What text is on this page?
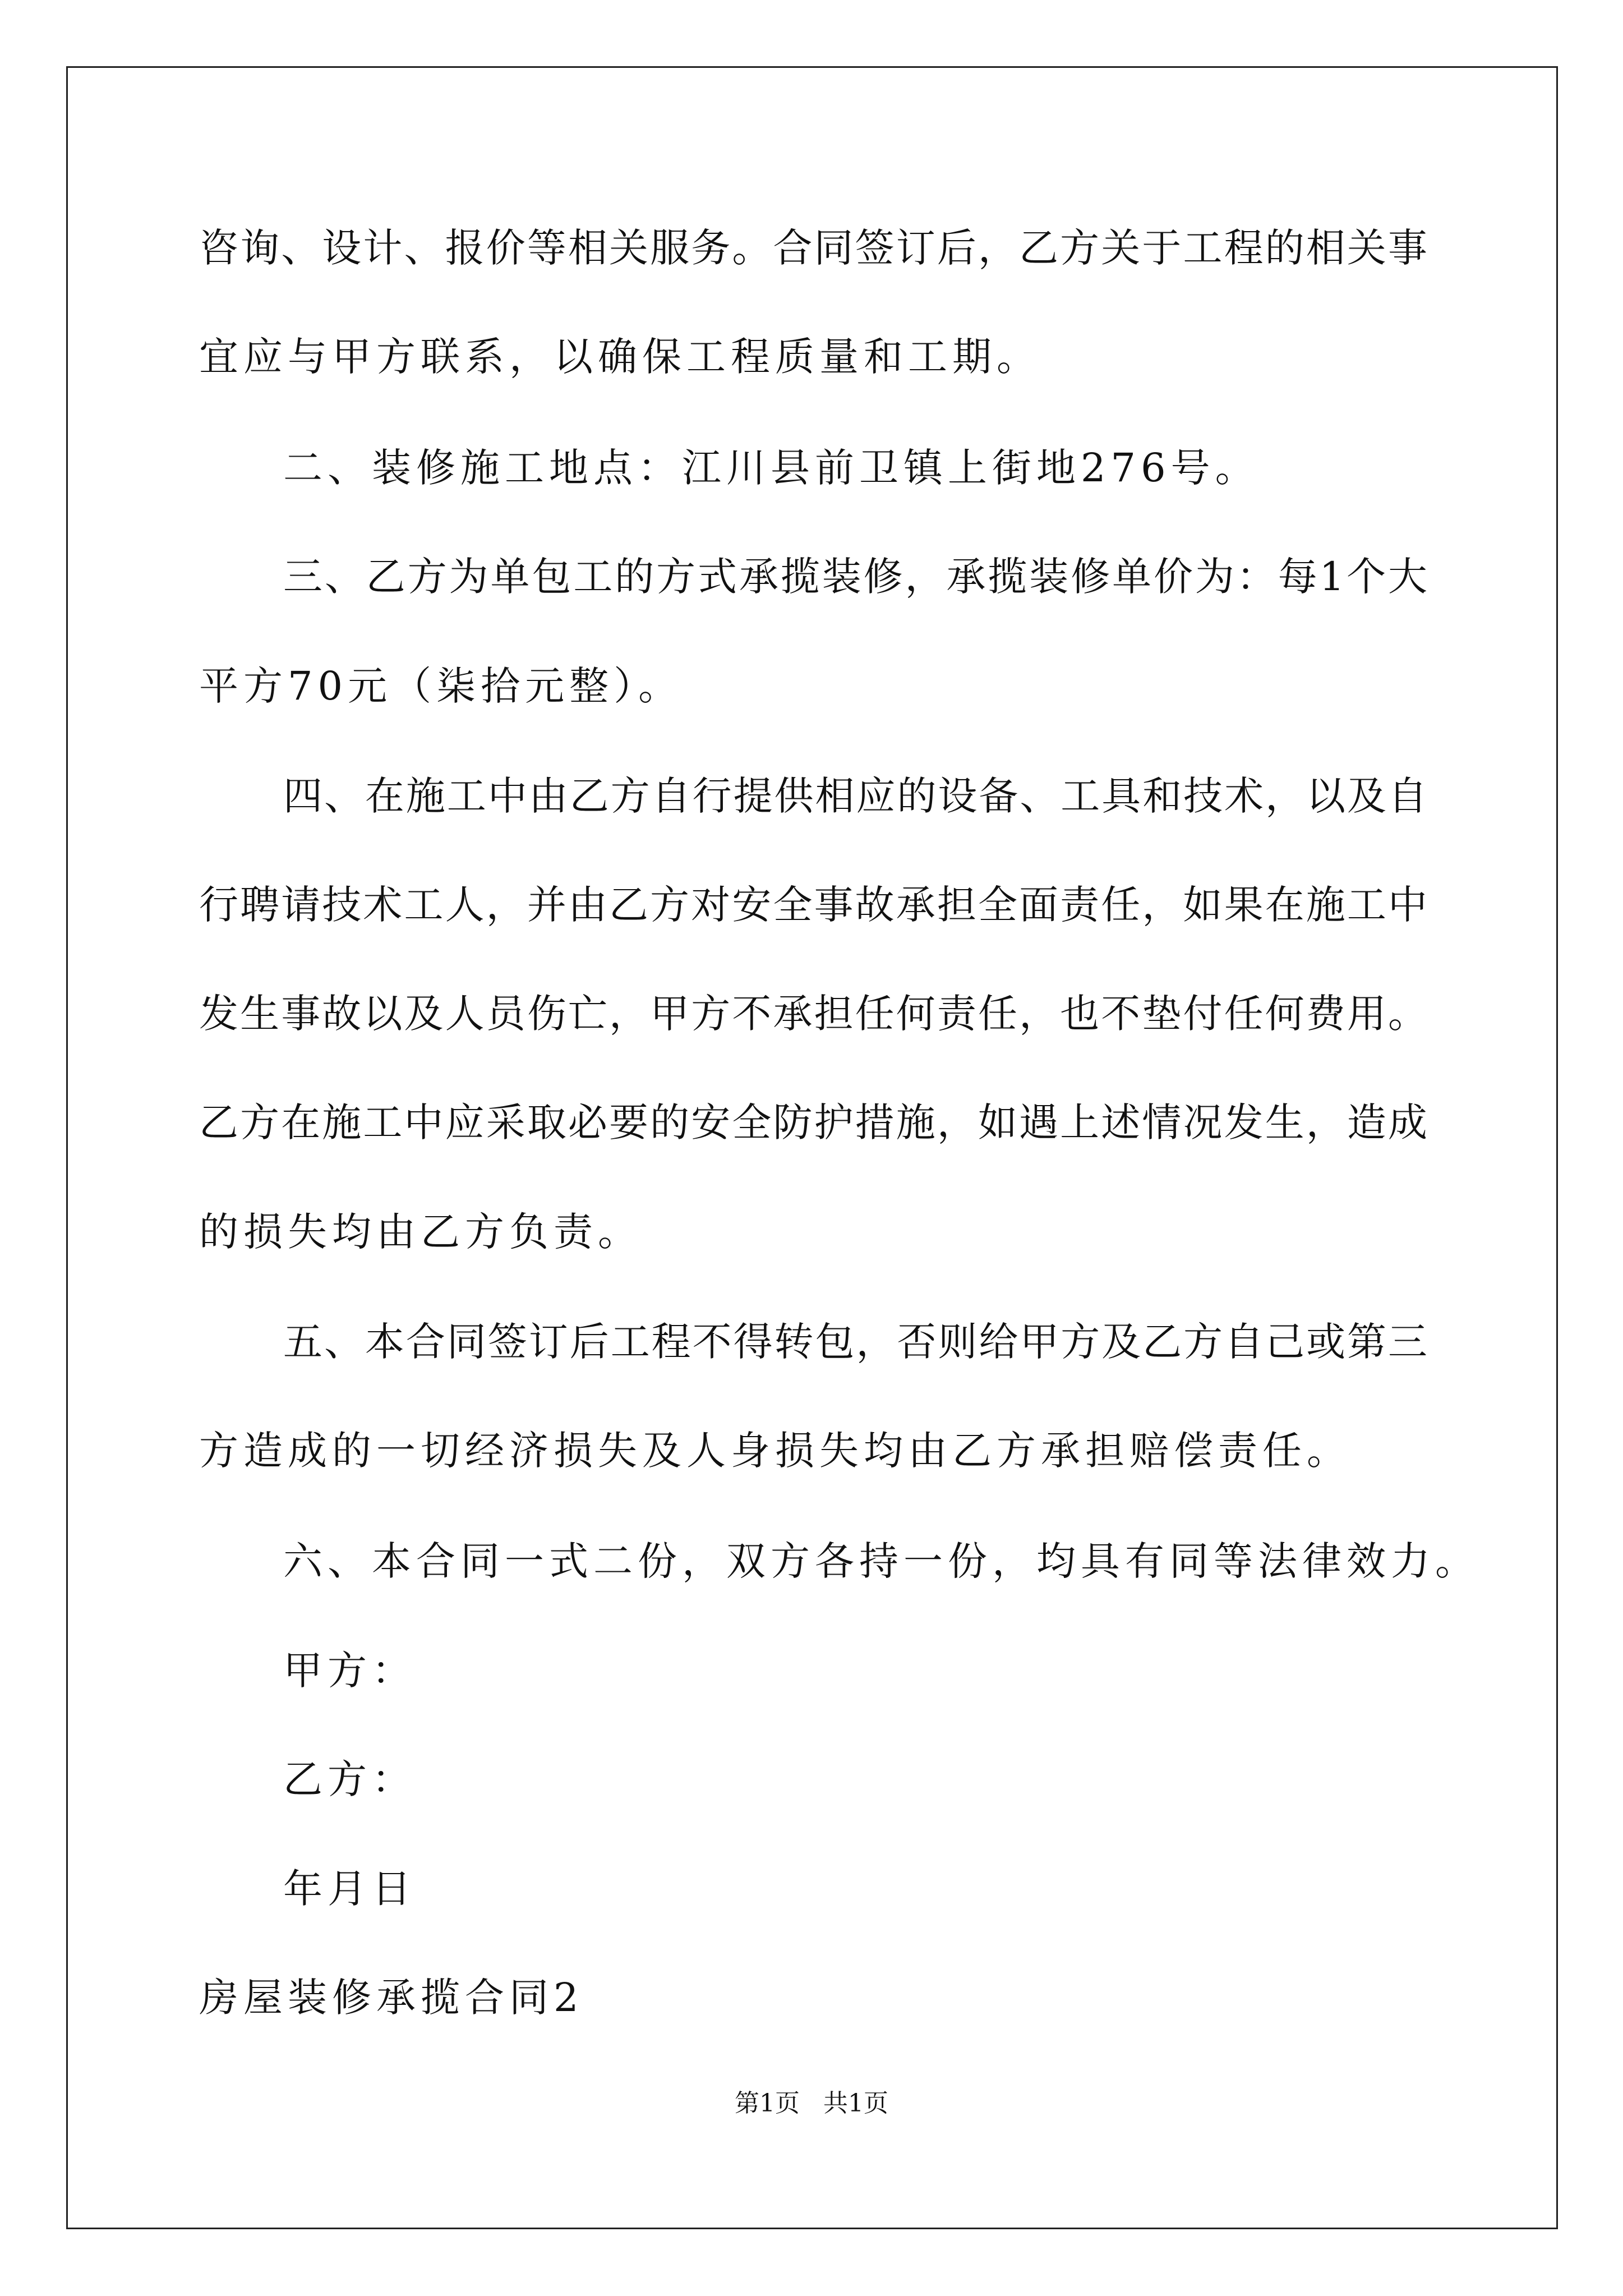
咨询、设计、报价等相关服务。合同签订后，乙方关于工程的相关事
宜应与甲方联系，以确保工程质量和工期。
二、装修施工地点：江川县前卫镇上街地276号。
三、乙方为单包工的方式承揽装修，承揽装修单价为：每1个大
平方70元（柒拾元整）。
四、在施工中由乙方自行提供相应的设备、工具和技术，以及自
行聘请技术工人，并由乙方对安全事故承担全面责任，如果在施工中
发生事故以及人员伤亡，甲方不承担任何责任，也不垫付任何费用。
乙方在施工中应采取必要的安全防护措施，如遇上述情况发生，造成
的损失均由乙方负责。
五、本合同签订后工程不得转包，否则给甲方及乙方自己或第三
方造成的一切经济损失及人身损失均由乙方承担赔偿责任。
六、本合同一式二份，双方各持一份，均具有同等法律效力。
甲方：
乙方：
年月日
房屋装修承揽合同2
第1页   共1页
